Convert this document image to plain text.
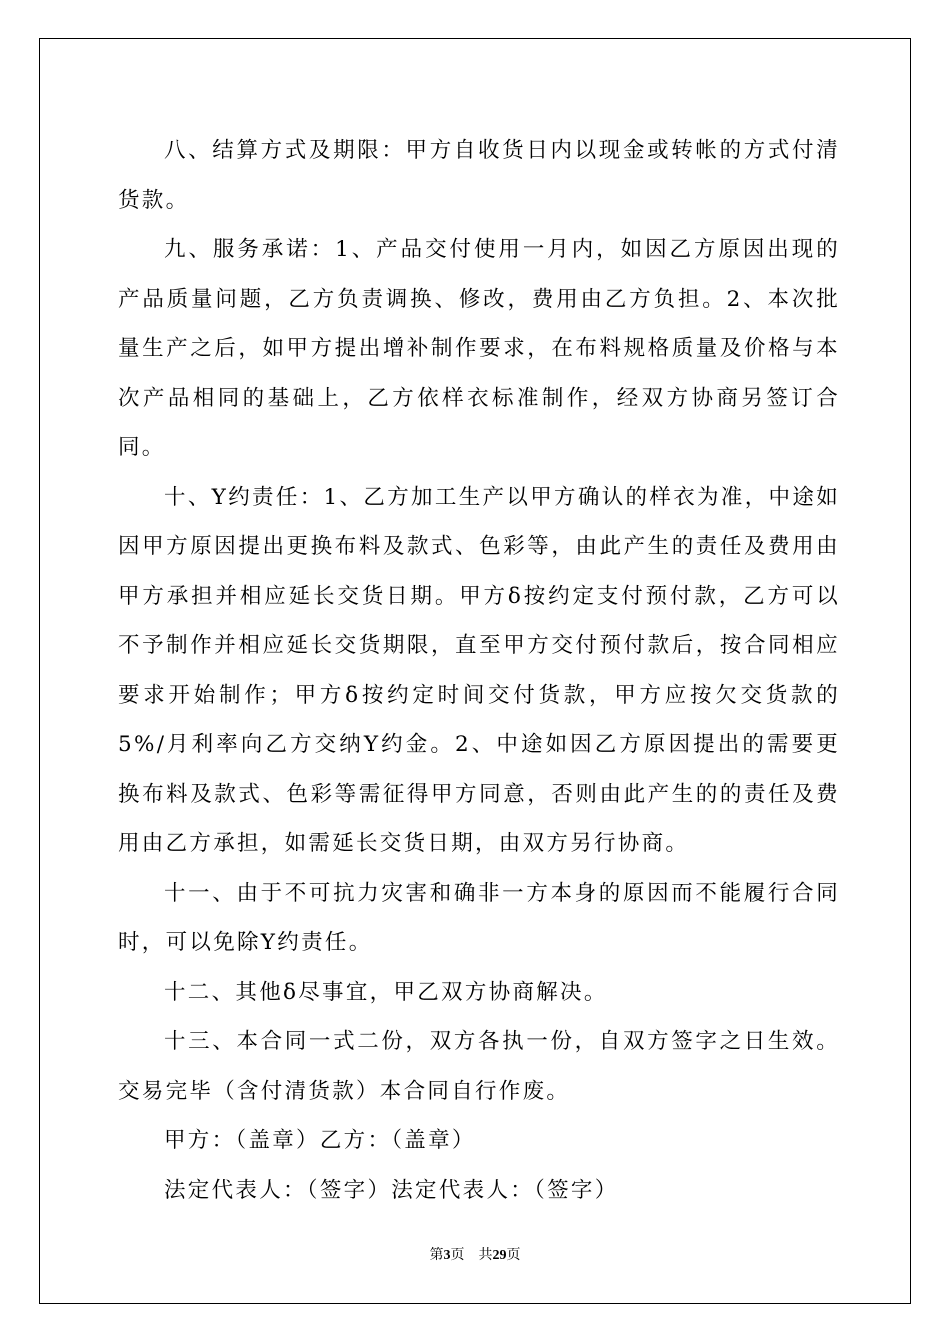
八、结算方式及期限：甲方自收货日内以现金或转帐的方式付清货款。

九、服务承诺：1、产品交付使用一月内，如因乙方原因出现的产品质量问题，乙方负责调换、修改，费用由乙方负担。2、本次批量生产之后，如甲方提出增补制作要求，在布料规格质量及价格与本次产品相同的基础上，乙方依样衣标准制作，经双方协商另签订合同。

十、Y约责任：1、乙方加工生产以甲方确认的样衣为准，中途如因甲方原因提出更换布料及款式、色彩等，由此产生的责任及费用由甲方承担并相应延长交货日期。甲方δ按约定支付预付款，乙方可以不予制作并相应延长交货期限，直至甲方交付预付款后，按合同相应要求开始制作；甲方δ按约定时间交付货款，甲方应按欠交货款的5%/月利率向乙方交纳Y约金。2、中途如因乙方原因提出的需要更换布料及款式、色彩等需征得甲方同意，否则由此产生的的责任及费用由乙方承担，如需延长交货日期，由双方另行协商。

十一、由于不可抗力灾害和确非一方本身的原因而不能履行合同时，可以免除Y约责任。

十二、其他δ尽事宜，甲乙双方协商解决。

十三、本合同一式二份，双方各执一份，自双方签字之日生效。交易完毕（含付清货款）本合同自行作废。

甲方：（盖章）乙方：（盖章）

法定代表人：（签字）法定代表人：（签字）

第3页 共29页
